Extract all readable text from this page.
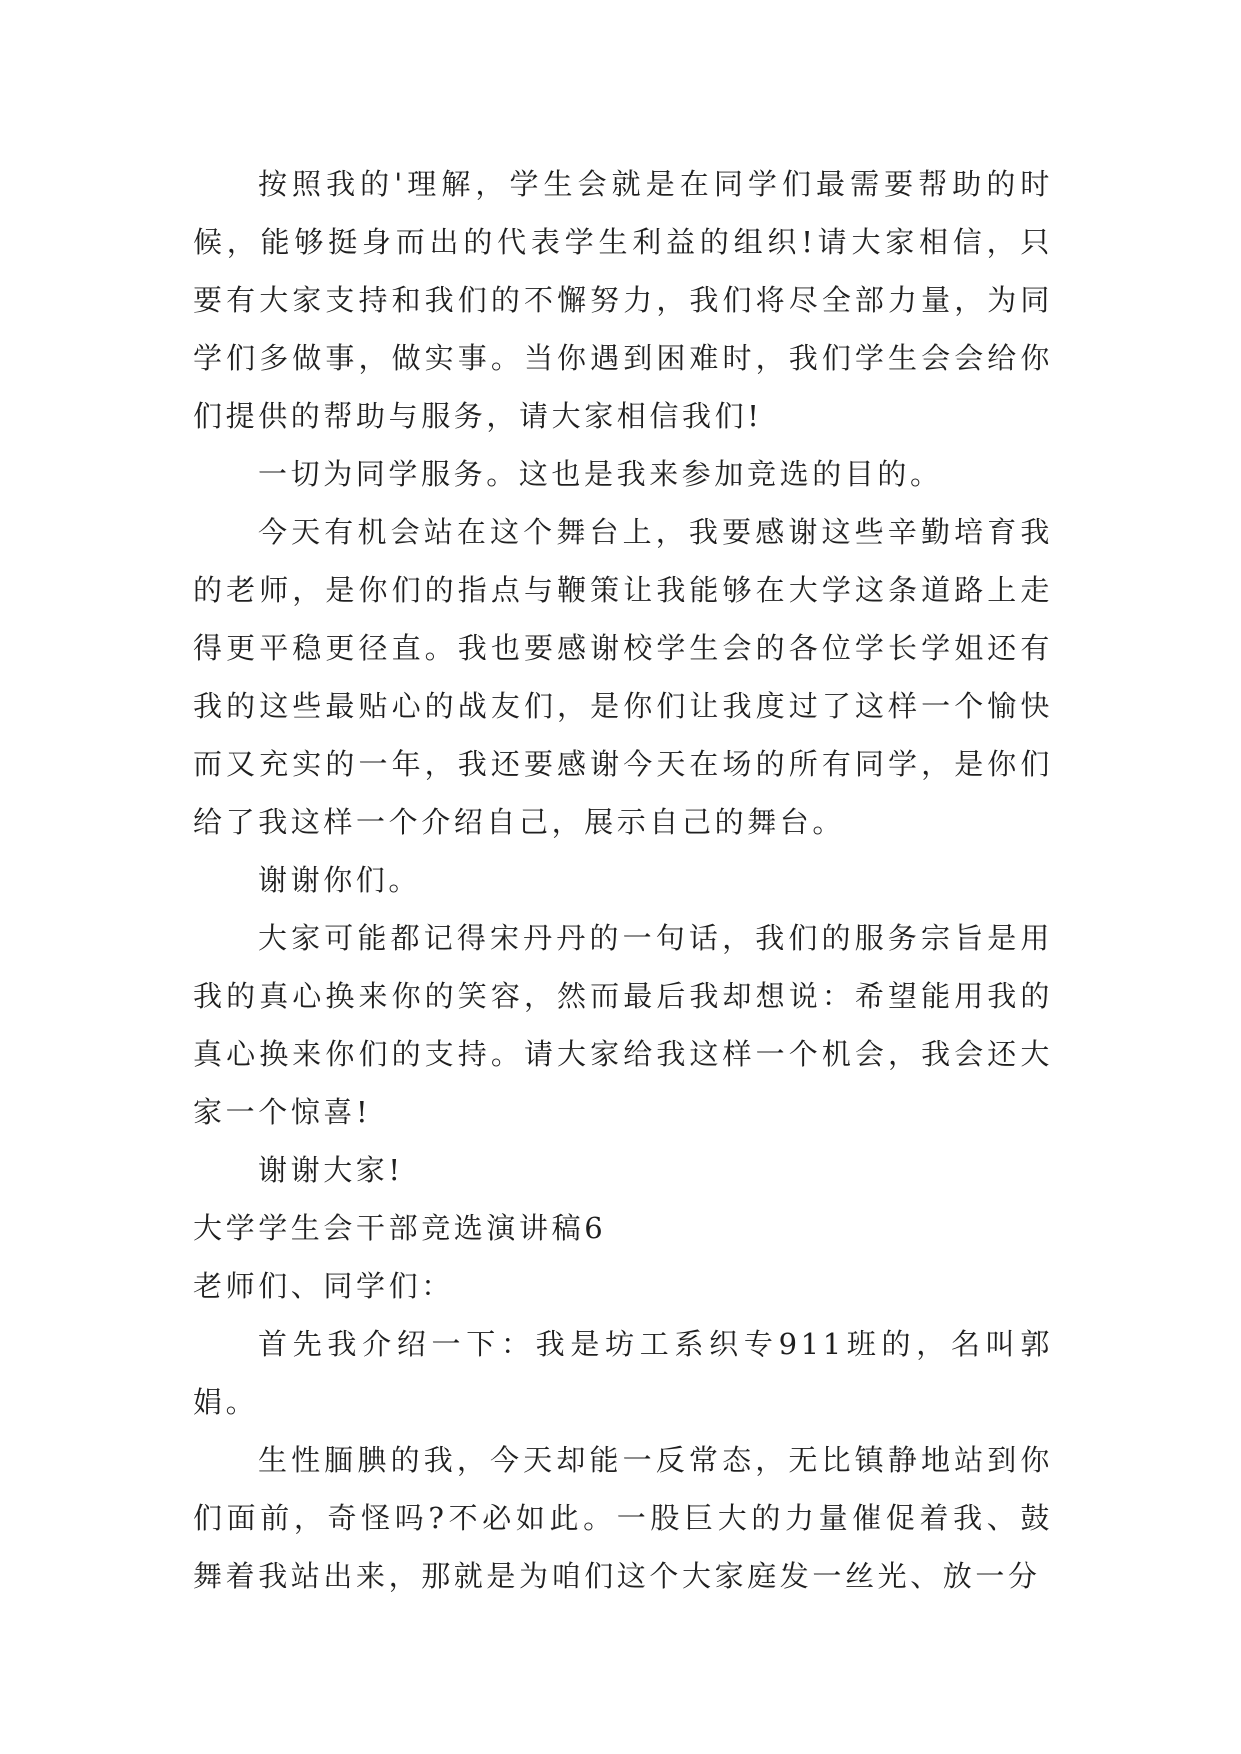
按照我的'理解，学生会就是在同学们最需要帮助的时候，能够挺身而出的代表学生利益的组织!请大家相信，只要有大家支持和我们的不懈努力，我们将尽全部力量，为同学们多做事，做实事。当你遇到困难时，我们学生会会给你们提供的帮助与服务，请大家相信我们!

一切为同学服务。这也是我来参加竞选的目的。

今天有机会站在这个舞台上，我要感谢这些辛勤培育我的老师，是你们的指点与鞭策让我能够在大学这条道路上走得更平稳更径直。我也要感谢校学生会的各位学长学姐还有我的这些最贴心的战友们，是你们让我度过了这样一个愉快而又充实的一年，我还要感谢今天在场的所有同学，是你们给了我这样一个介绍自己，展示自己的舞台。

谢谢你们。

大家可能都记得宋丹丹的一句话，我们的服务宗旨是用我的真心换来你的笑容，然而最后我却想说：希望能用我的真心换来你们的支持。请大家给我这样一个机会，我会还大家一个惊喜!

谢谢大家!

大学学生会干部竞选演讲稿6

老师们、同学们：

首先我介绍一下：我是坊工系织专911班的，名叫郭娟。

生性腼腆的我，今天却能一反常态，无比镇静地站到你们面前，奇怪吗?不必如此。一股巨大的力量催促着我、鼓舞着我站出来，那就是为咱们这个大家庭发一丝光、放一分
